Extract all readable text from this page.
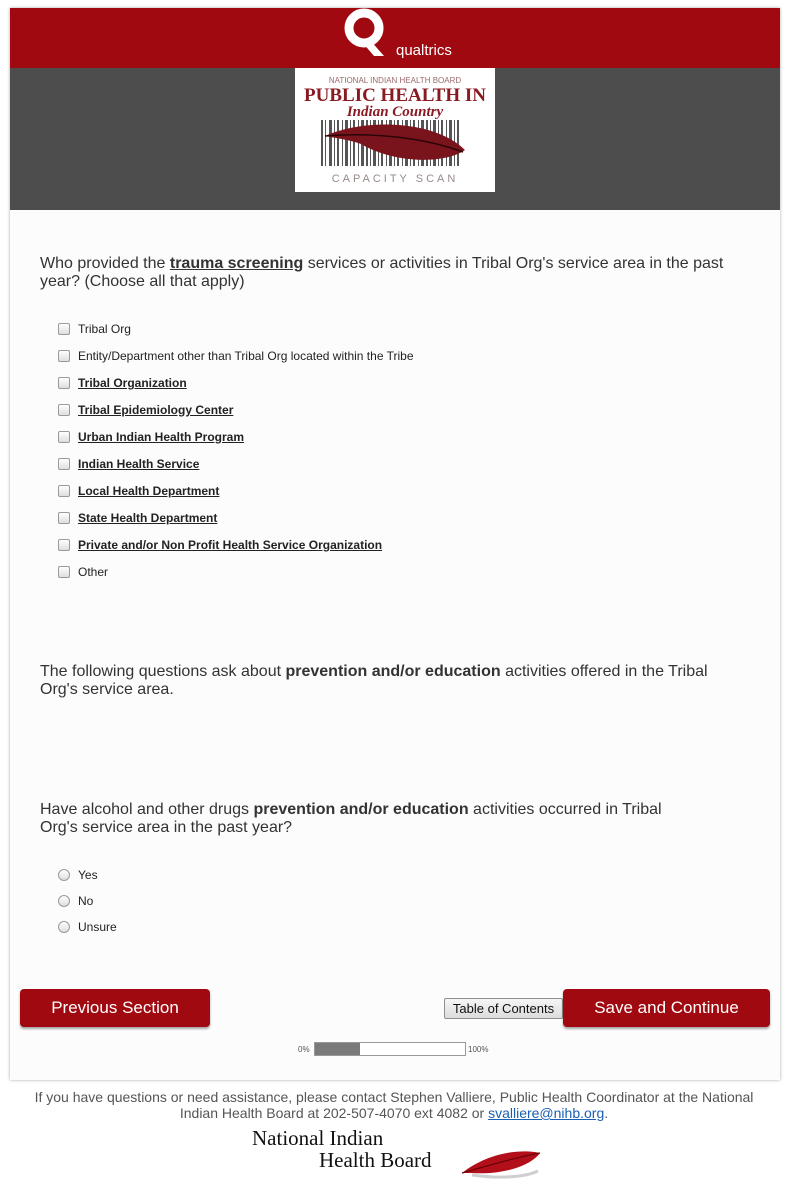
qualtrics
NATIONAL INDIAN HEALTH BOARD
PUBLIC HEALTH IN
Indian Country
CAPACITY SCAN
Who provided the trauma screening services or activities in Tribal Org's service area in the past year? (Choose all that apply)
Tribal Org
Entity/Department other than Tribal Org located within the Tribe
Tribal Organization
Tribal Epidemiology Center
Urban Indian Health Program
Indian Health Service
Local Health Department
State Health Department
Private and/or Non Profit Health Service Organization
Other
The following questions ask about prevention and/or education activities offered in the Tribal Org's service area.
Have alcohol and other drugs prevention and/or education activities occurred in Tribal Org's service area in the past year?
Yes
No
Unsure
Previous Section	Table of Contents	Save and Continue
0%	100%
If you have questions or need assistance, please contact Stephen Valliere, Public Health Coordinator at the National Indian Health Board at 202-507-4070 ext 4082 or svalliere@nihb.org.
National Indian
Health Board
